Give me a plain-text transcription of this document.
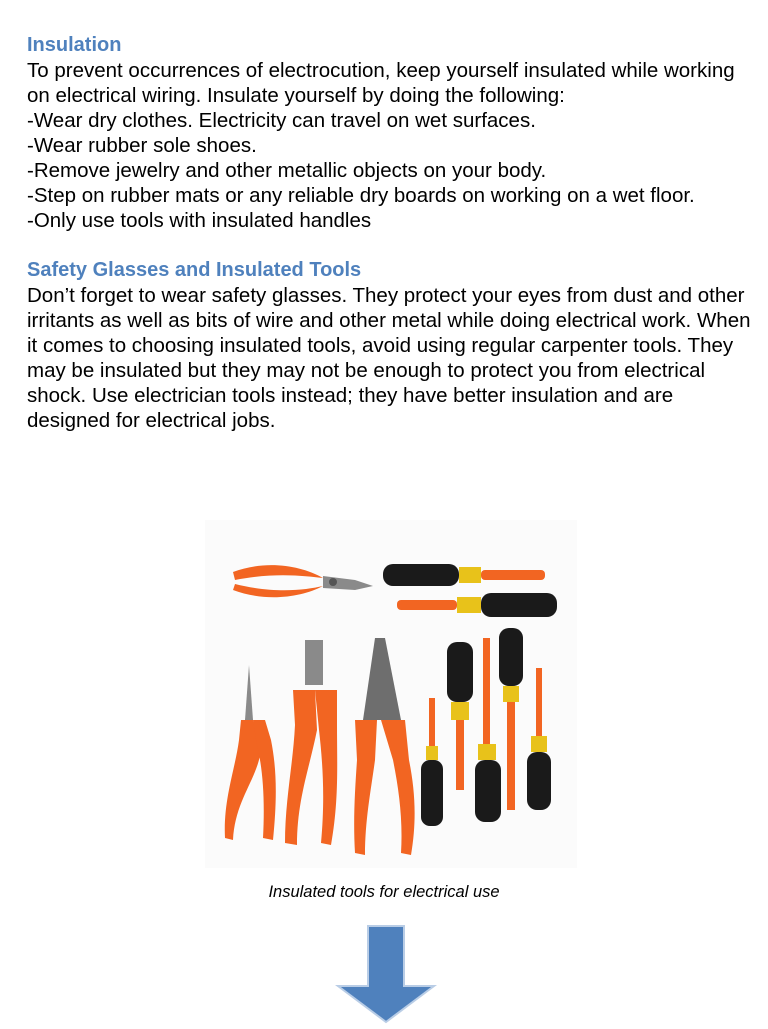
Insulation

To prevent occurrences of electrocution, keep yourself insulated while working on electrical wiring. Insulate yourself by doing the following:

-Wear dry clothes. Electricity can travel on wet surfaces.
-Wear rubber sole shoes.
-Remove jewelry and other metallic objects on your body.
-Step on rubber mats or any reliable dry boards on working on a wet floor.
-Only use tools with insulated handles
Safety Glasses and Insulated Tools

Don’t forget to wear safety glasses. They protect your eyes from dust and other irritants as well as bits of wire and other metal while doing electrical work. When it comes to choosing insulated tools, avoid using regular carpenter tools. They may be insulated but they may not be enough to protect you from electrical shock. Use electrician tools instead; they have better insulation and are designed for electrical jobs.

Insulated tools for electrical use
